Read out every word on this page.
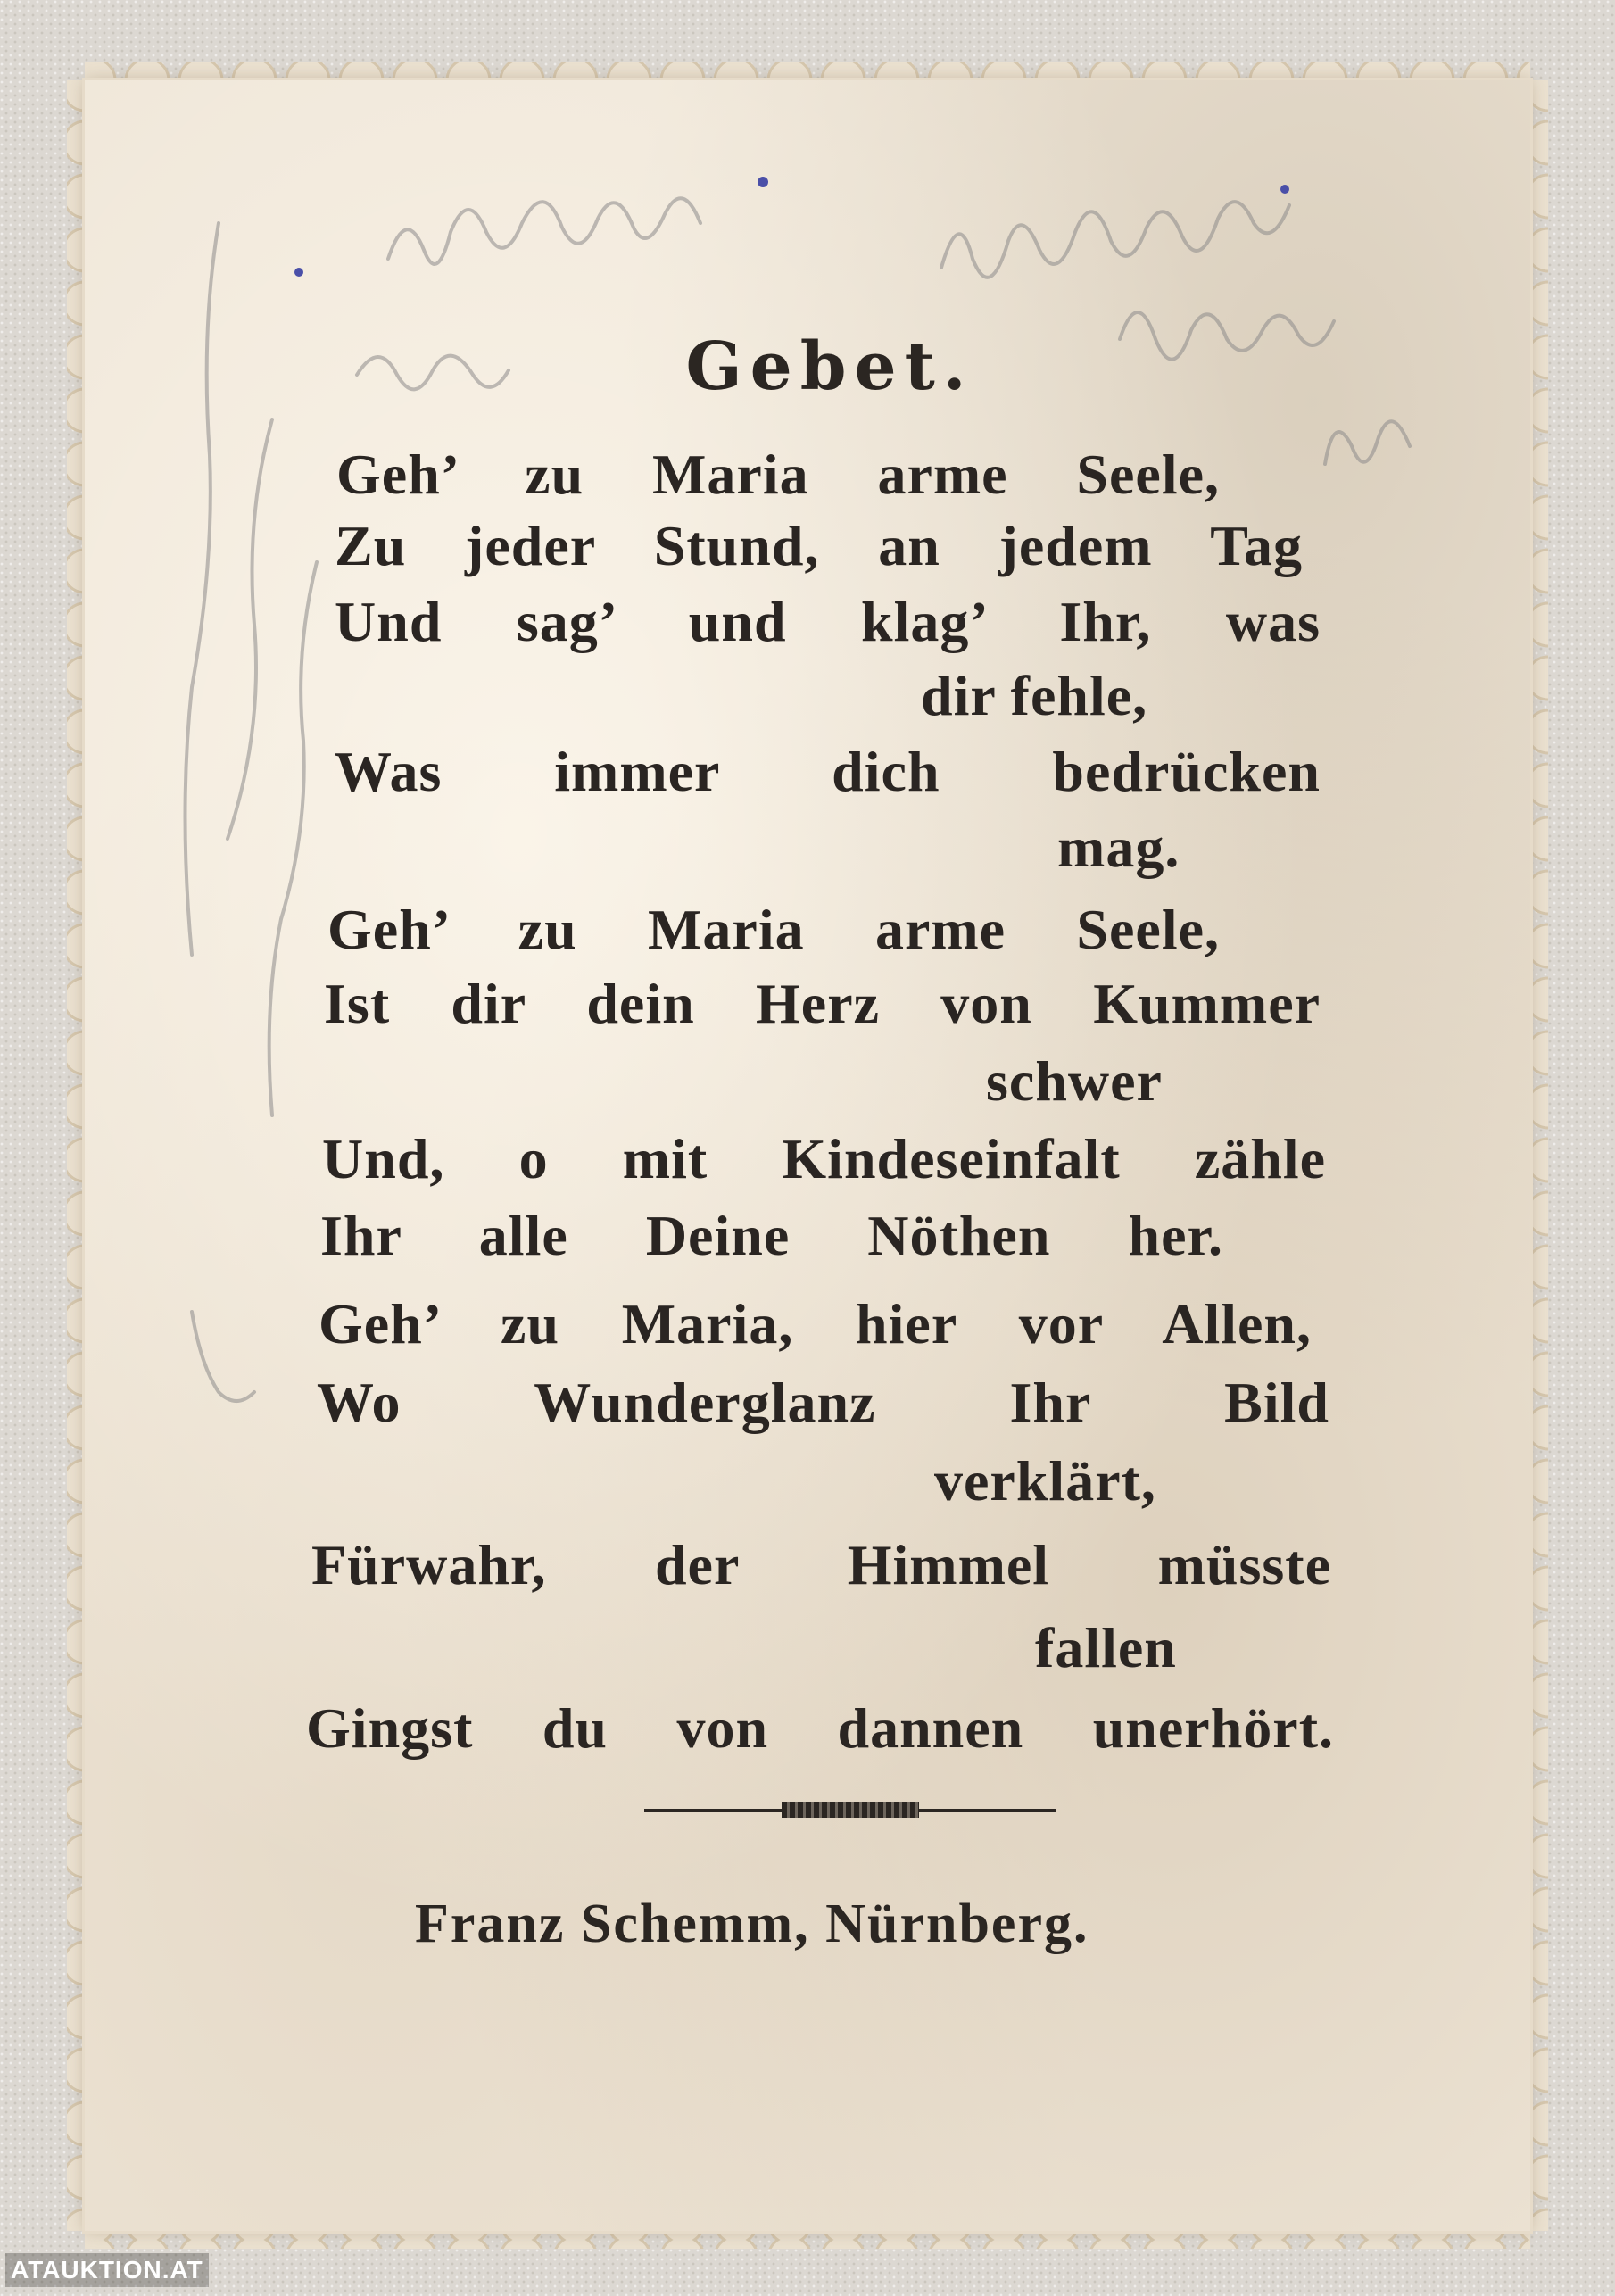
Gebet.
Geh’ zu Maria arme Seele,
Zu jeder Stund, an jedem Tag
Und sag’ und klag’ Ihr, was
dir fehle,
Was immer dich bedrücken
mag.
Geh’ zu Maria arme Seele,
Ist dir dein Herz von Kummer
schwer
Und, o mit Kindeseinfalt zähle
Ihr alle Deine Nöthen her.
Geh’ zu Maria, hier vor Allen,
Wo Wunderglanz Ihr Bild
verklärt,
Fürwahr, der Himmel müsste
fallen
Gingst du von dannen unerhört.
Franz Schemm, Nürnberg.
ATAUKTION.AT
